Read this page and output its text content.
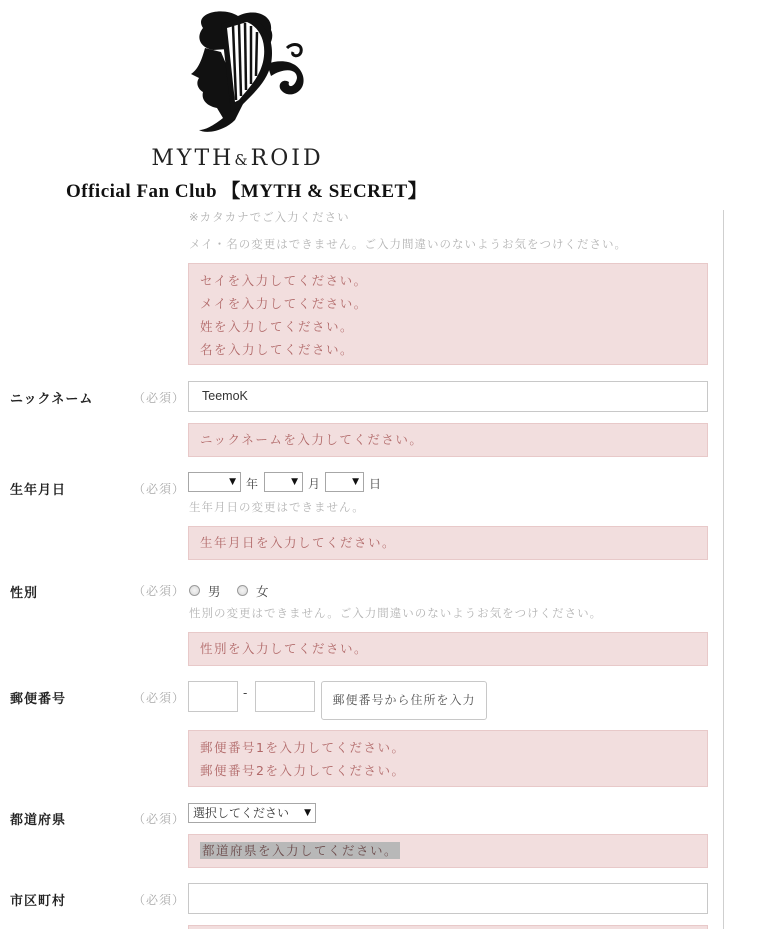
MYTH&ROID
Official Fan Club 【MYTH & SECRET】
※カタカナでご入力ください
メイ・名の変更はできません。ご入力間違いのないようお気をつけください。
セイを入力してください。
メイを入力してください。
姓を入力してください。
名を入力してください。
ニックネーム	（必須）	TeemoK
ニックネームを入力してください。
生年月日	（必須）	▼ 年	▼ 月	▼ 日
生年月日の変更はできません。
生年月日を入力してください。
性別	（必須） 男	女
性別の変更はできません。ご入力間違いのないようお気をつけください。
性別を入力してください。
郵便番号	（必須）	-	郵便番号から住所を入力
郵便番号1を入力してください。
郵便番号2を入力してください。
都道府県	（必須） 選択してください ▼
都道府県を入力してください。
市区町村	（必須）
